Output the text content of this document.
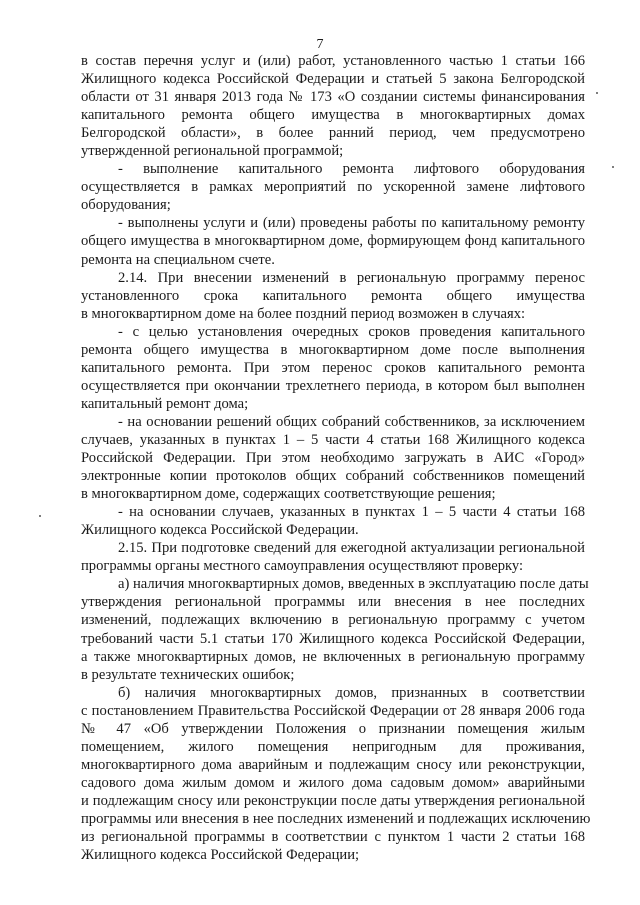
7
в состав перечня услуг и (или) работ, установленного частью 1 статьи 166
Жилищного кодекса Российской Федерации и статьей 5 закона Белгородской
области от 31 января 2013 года № 173 «О создании системы финансирования
капитального ремонта общего имущества в многоквартирных домах
Белгородской области», в более ранний период, чем предусмотрено
утвержденной региональной программой;
- выполнение капитального ремонта лифтового оборудования
осуществляется в рамках мероприятий по ускоренной замене лифтового
оборудования;
- выполнены услуги и (или) проведены работы по капитальному ремонту
общего имущества в многоквартирном доме, формирующем фонд капитального
ремонта на специальном счете.
2.14. При внесении изменений в региональную программу перенос
установленного срока капитального ремонта общего имущества
в многоквартирном доме на более поздний период возможен в случаях:
- с целью установления очередных сроков проведения капитального
ремонта общего имущества в многоквартирном доме после выполнения
капитального ремонта. При этом перенос сроков капитального ремонта
осуществляется при окончании трехлетнего периода, в котором был выполнен
капитальный ремонт дома;
- на основании решений общих собраний собственников, за исключением
случаев, указанных в пунктах 1 – 5 части 4 статьи 168 Жилищного кодекса
Российской Федерации. При этом необходимо загружать в АИС «Город»
электронные копии протоколов общих собраний собственников помещений
в многоквартирном доме, содержащих соответствующие решения;
- на основании случаев, указанных в пунктах 1 – 5 части 4 статьи 168
Жилищного кодекса Российской Федерации.
2.15. При подготовке сведений для ежегодной актуализации региональной
программы органы местного самоуправления осуществляют проверку:
а) наличия многоквартирных домов, введенных в эксплуатацию после даты
утверждения региональной программы или внесения в нее последних
изменений, подлежащих включению в региональную программу с учетом
требований части 5.1 статьи 170 Жилищного кодекса Российской Федерации,
а также многоквартирных домов, не включенных в региональную программу
в результате технических ошибок;
б) наличия многоквартирных домов, признанных в соответствии
с постановлением Правительства Российской Федерации от 28 января 2006 года
№ 47 «Об утверждении Положения о признании помещения жилым
помещением, жилого помещения непригодным для проживания,
многоквартирного дома аварийным и подлежащим сносу или реконструкции,
садового дома жилым домом и жилого дома садовым домом» аварийными
и подлежащим сносу или реконструкции после даты утверждения региональной
программы или внесения в нее последних изменений и подлежащих исключению
из региональной программы в соответствии с пунктом 1 части 2 статьи 168
Жилищного кодекса Российской Федерации;
